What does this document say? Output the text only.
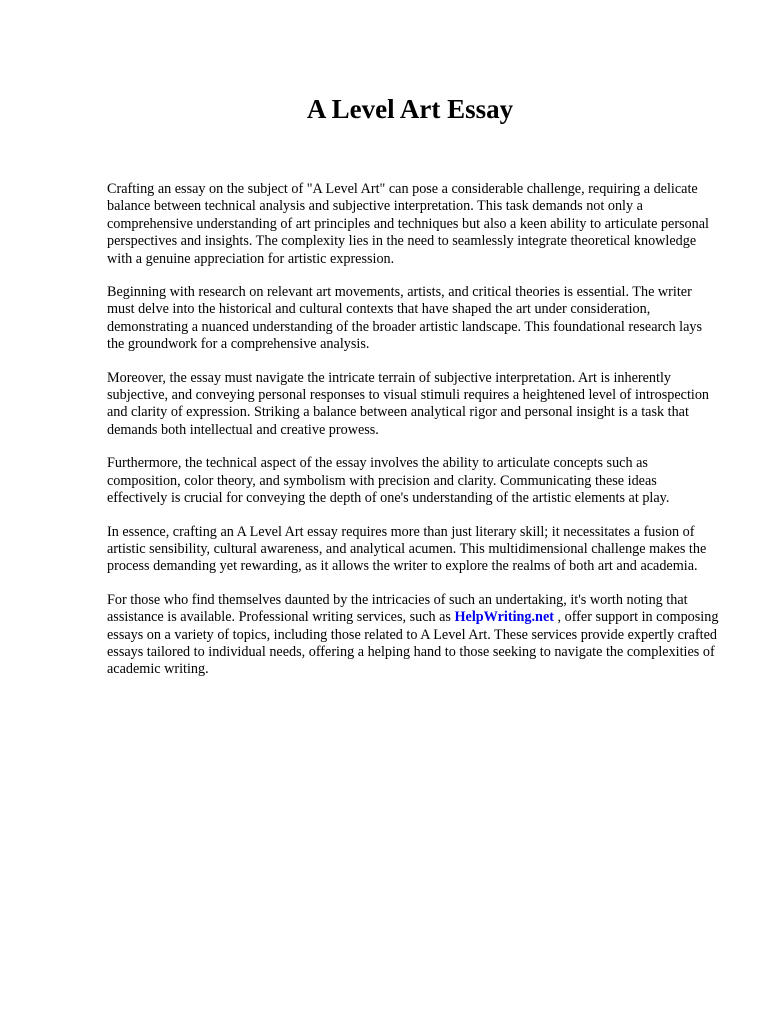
A Level Art Essay

Crafting an essay on the subject of "A Level Art" can pose a considerable challenge, requiring a delicate balance between technical analysis and subjective interpretation. This task demands not only a comprehensive understanding of art principles and techniques but also a keen ability to articulate personal perspectives and insights. The complexity lies in the need to seamlessly integrate theoretical knowledge with a genuine appreciation for artistic expression.

Beginning with research on relevant art movements, artists, and critical theories is essential. The writer must delve into the historical and cultural contexts that have shaped the art under consideration, demonstrating a nuanced understanding of the broader artistic landscape. This foundational research lays the groundwork for a comprehensive analysis.

Moreover, the essay must navigate the intricate terrain of subjective interpretation. Art is inherently subjective, and conveying personal responses to visual stimuli requires a heightened level of introspection and clarity of expression. Striking a balance between analytical rigor and personal insight is a task that demands both intellectual and creative prowess.

Furthermore, the technical aspect of the essay involves the ability to articulate concepts such as composition, color theory, and symbolism with precision and clarity. Communicating these ideas effectively is crucial for conveying the depth of one's understanding of the artistic elements at play.

In essence, crafting an A Level Art essay requires more than just literary skill; it necessitates a fusion of artistic sensibility, cultural awareness, and analytical acumen. This multidimensional challenge makes the process demanding yet rewarding, as it allows the writer to explore the realms of both art and academia.

For those who find themselves daunted by the intricacies of such an undertaking, it's worth noting that assistance is available. Professional writing services, such as HelpWriting.net , offer support in composing essays on a variety of topics, including those related to A Level Art. These services provide expertly crafted essays tailored to individual needs, offering a helping hand to those seeking to navigate the complexities of academic writing.
